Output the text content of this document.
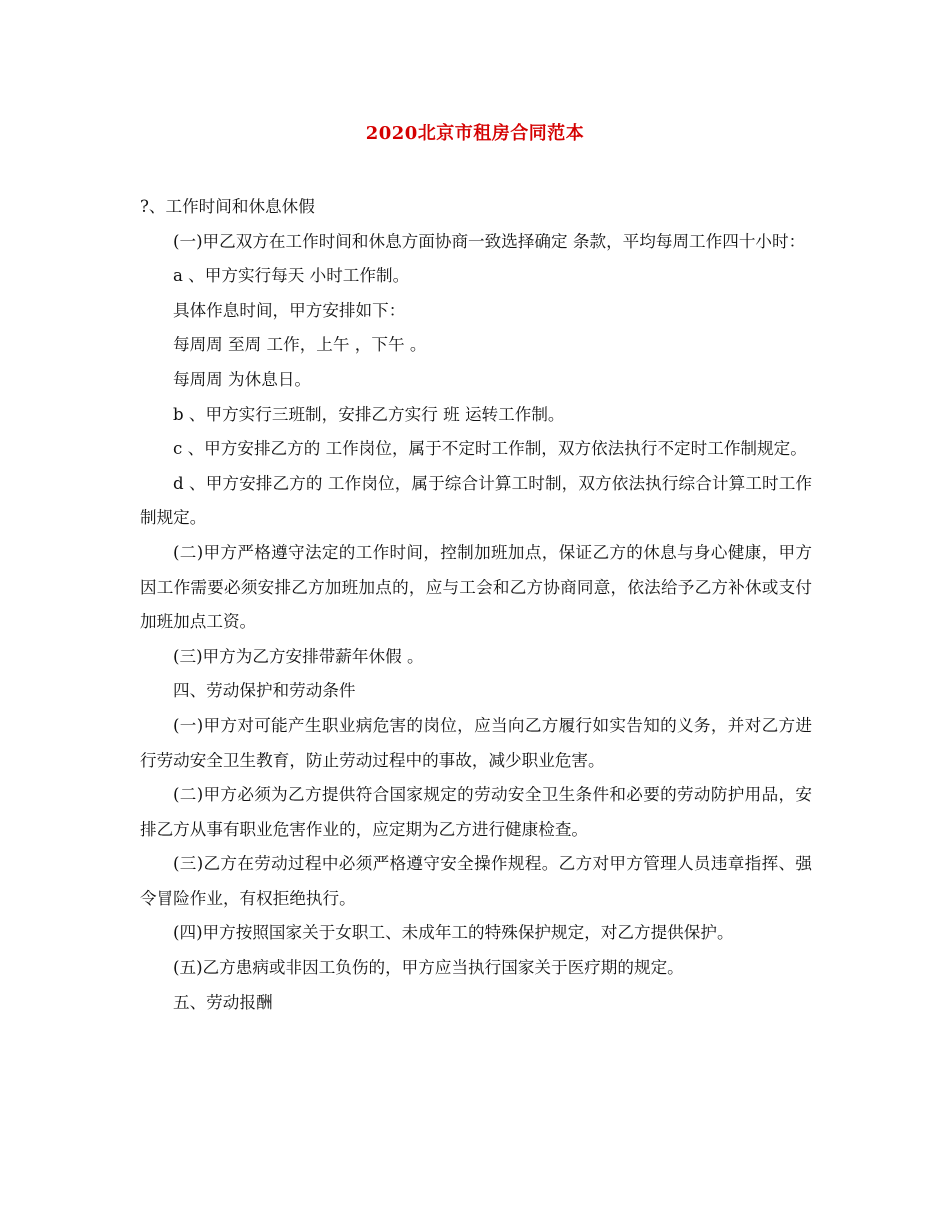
2020北京市租房合同范本

?、工作时间和休息休假

(一)甲乙双方在工作时间和休息方面协商一致选择确定 条款，平均每周工作四十小时：

a 、甲方实行每天 小时工作制。

具体作息时间，甲方安排如下：

每周周 至周 工作，上午 ，下午 。

每周周 为休息日。

b 、甲方实行三班制，安排乙方实行 班 运转工作制。

c 、甲方安排乙方的 工作岗位，属于不定时工作制，双方依法执行不定时工作制规定。

d 、甲方安排乙方的 工作岗位，属于综合计算工时制，双方依法执行综合计算工时工作制规定。

(二)甲方严格遵守法定的工作时间，控制加班加点，保证乙方的休息与身心健康，甲方因工作需要必须安排乙方加班加点的，应与工会和乙方协商同意，依法给予乙方补休或支付加班加点工资。

(三)甲方为乙方安排带薪年休假 。

四、劳动保护和劳动条件

(一)甲方对可能产生职业病危害的岗位，应当向乙方履行如实告知的义务，并对乙方进行劳动安全卫生教育，防止劳动过程中的事故，减少职业危害。

(二)甲方必须为乙方提供符合国家规定的劳动安全卫生条件和必要的劳动防护用品，安排乙方从事有职业危害作业的，应定期为乙方进行健康检查。

(三)乙方在劳动过程中必须严格遵守安全操作规程。乙方对甲方管理人员违章指挥、强令冒险作业，有权拒绝执行。

(四)甲方按照国家关于女职工、未成年工的特殊保护规定，对乙方提供保护。

(五)乙方患病或非因工负伤的，甲方应当执行国家关于医疗期的规定。

五、劳动报酬
